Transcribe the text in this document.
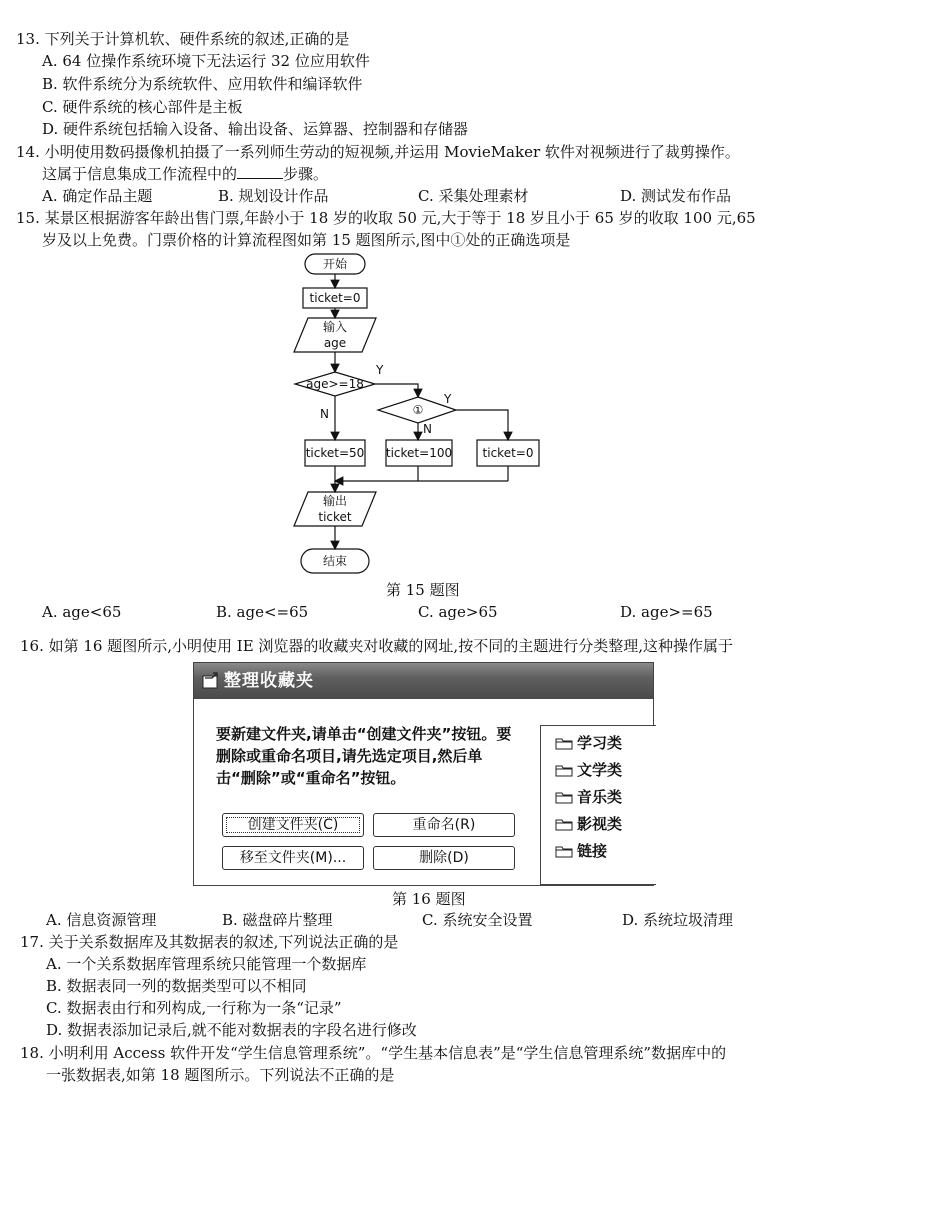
13. 下列关于计算机软、硬件系统的叙述,正确的是
A. 64 位操作系统环境下无法运行 32 位应用软件
B. 软件系统分为系统软件、应用软件和编译软件
C. 硬件系统的核心部件是主板
D. 硬件系统包括输入设备、输出设备、运算器、控制器和存储器
14. 小明使用数码摄像机拍摄了一系列师生劳动的短视频,并运用 MovieMaker 软件对视频进行了裁剪操作。
这属于信息集成工作流程中的	步骤。
A. 确定作品主题	B. 规划设计作品	C. 采集处理素材	D. 测试发布作品
15. 某景区根据游客年龄出售门票,年龄小于 18 岁的收取 50 元,大于等于 18 岁且小于 65 岁的收取 100 元,65
岁及以上免费。门票价格的计算流程图如第 15 题图所示,图中①处的正确选项是
开始
ticket=0
输入
age
age>=18
①
Y
N
Y
N
ticket=50 ticket=100	ticket=0
输出
ticket
结束
第 15 题图
A. age<65	B. age<=65	C. age>65	D. age>=65
16. 如第 16 题图所示,小明使用 IE 浏览器的收藏夹对收藏的网址,按不同的主题进行分类整理,这种操作属于
整理收藏夹
要新建文件夹,请单击“创建文件夹”按钮。要删除或重命名项目,请先选定项目,然后单击“删除”或“重命名”按钮。
创建文件夹(C)	重命名(R)
移至文件夹(M)...	删除(D)
学习类
文学类
音乐类
影视类
链接
第 16 题图
A. 信息资源管理	B. 磁盘碎片整理	C. 系统安全设置	D. 系统垃圾清理
17. 关于关系数据库及其数据表的叙述,下列说法正确的是
A. 一个关系数据库管理系统只能管理一个数据库
B. 数据表同一列的数据类型可以不相同
C. 数据表由行和列构成,一行称为一条“记录”
D. 数据表添加记录后,就不能对数据表的字段名进行修改
18. 小明利用 Access 软件开发“学生信息管理系统”。“学生基本信息表”是“学生信息管理系统”数据库中的
一张数据表,如第 18 题图所示。下列说法不正确的是
